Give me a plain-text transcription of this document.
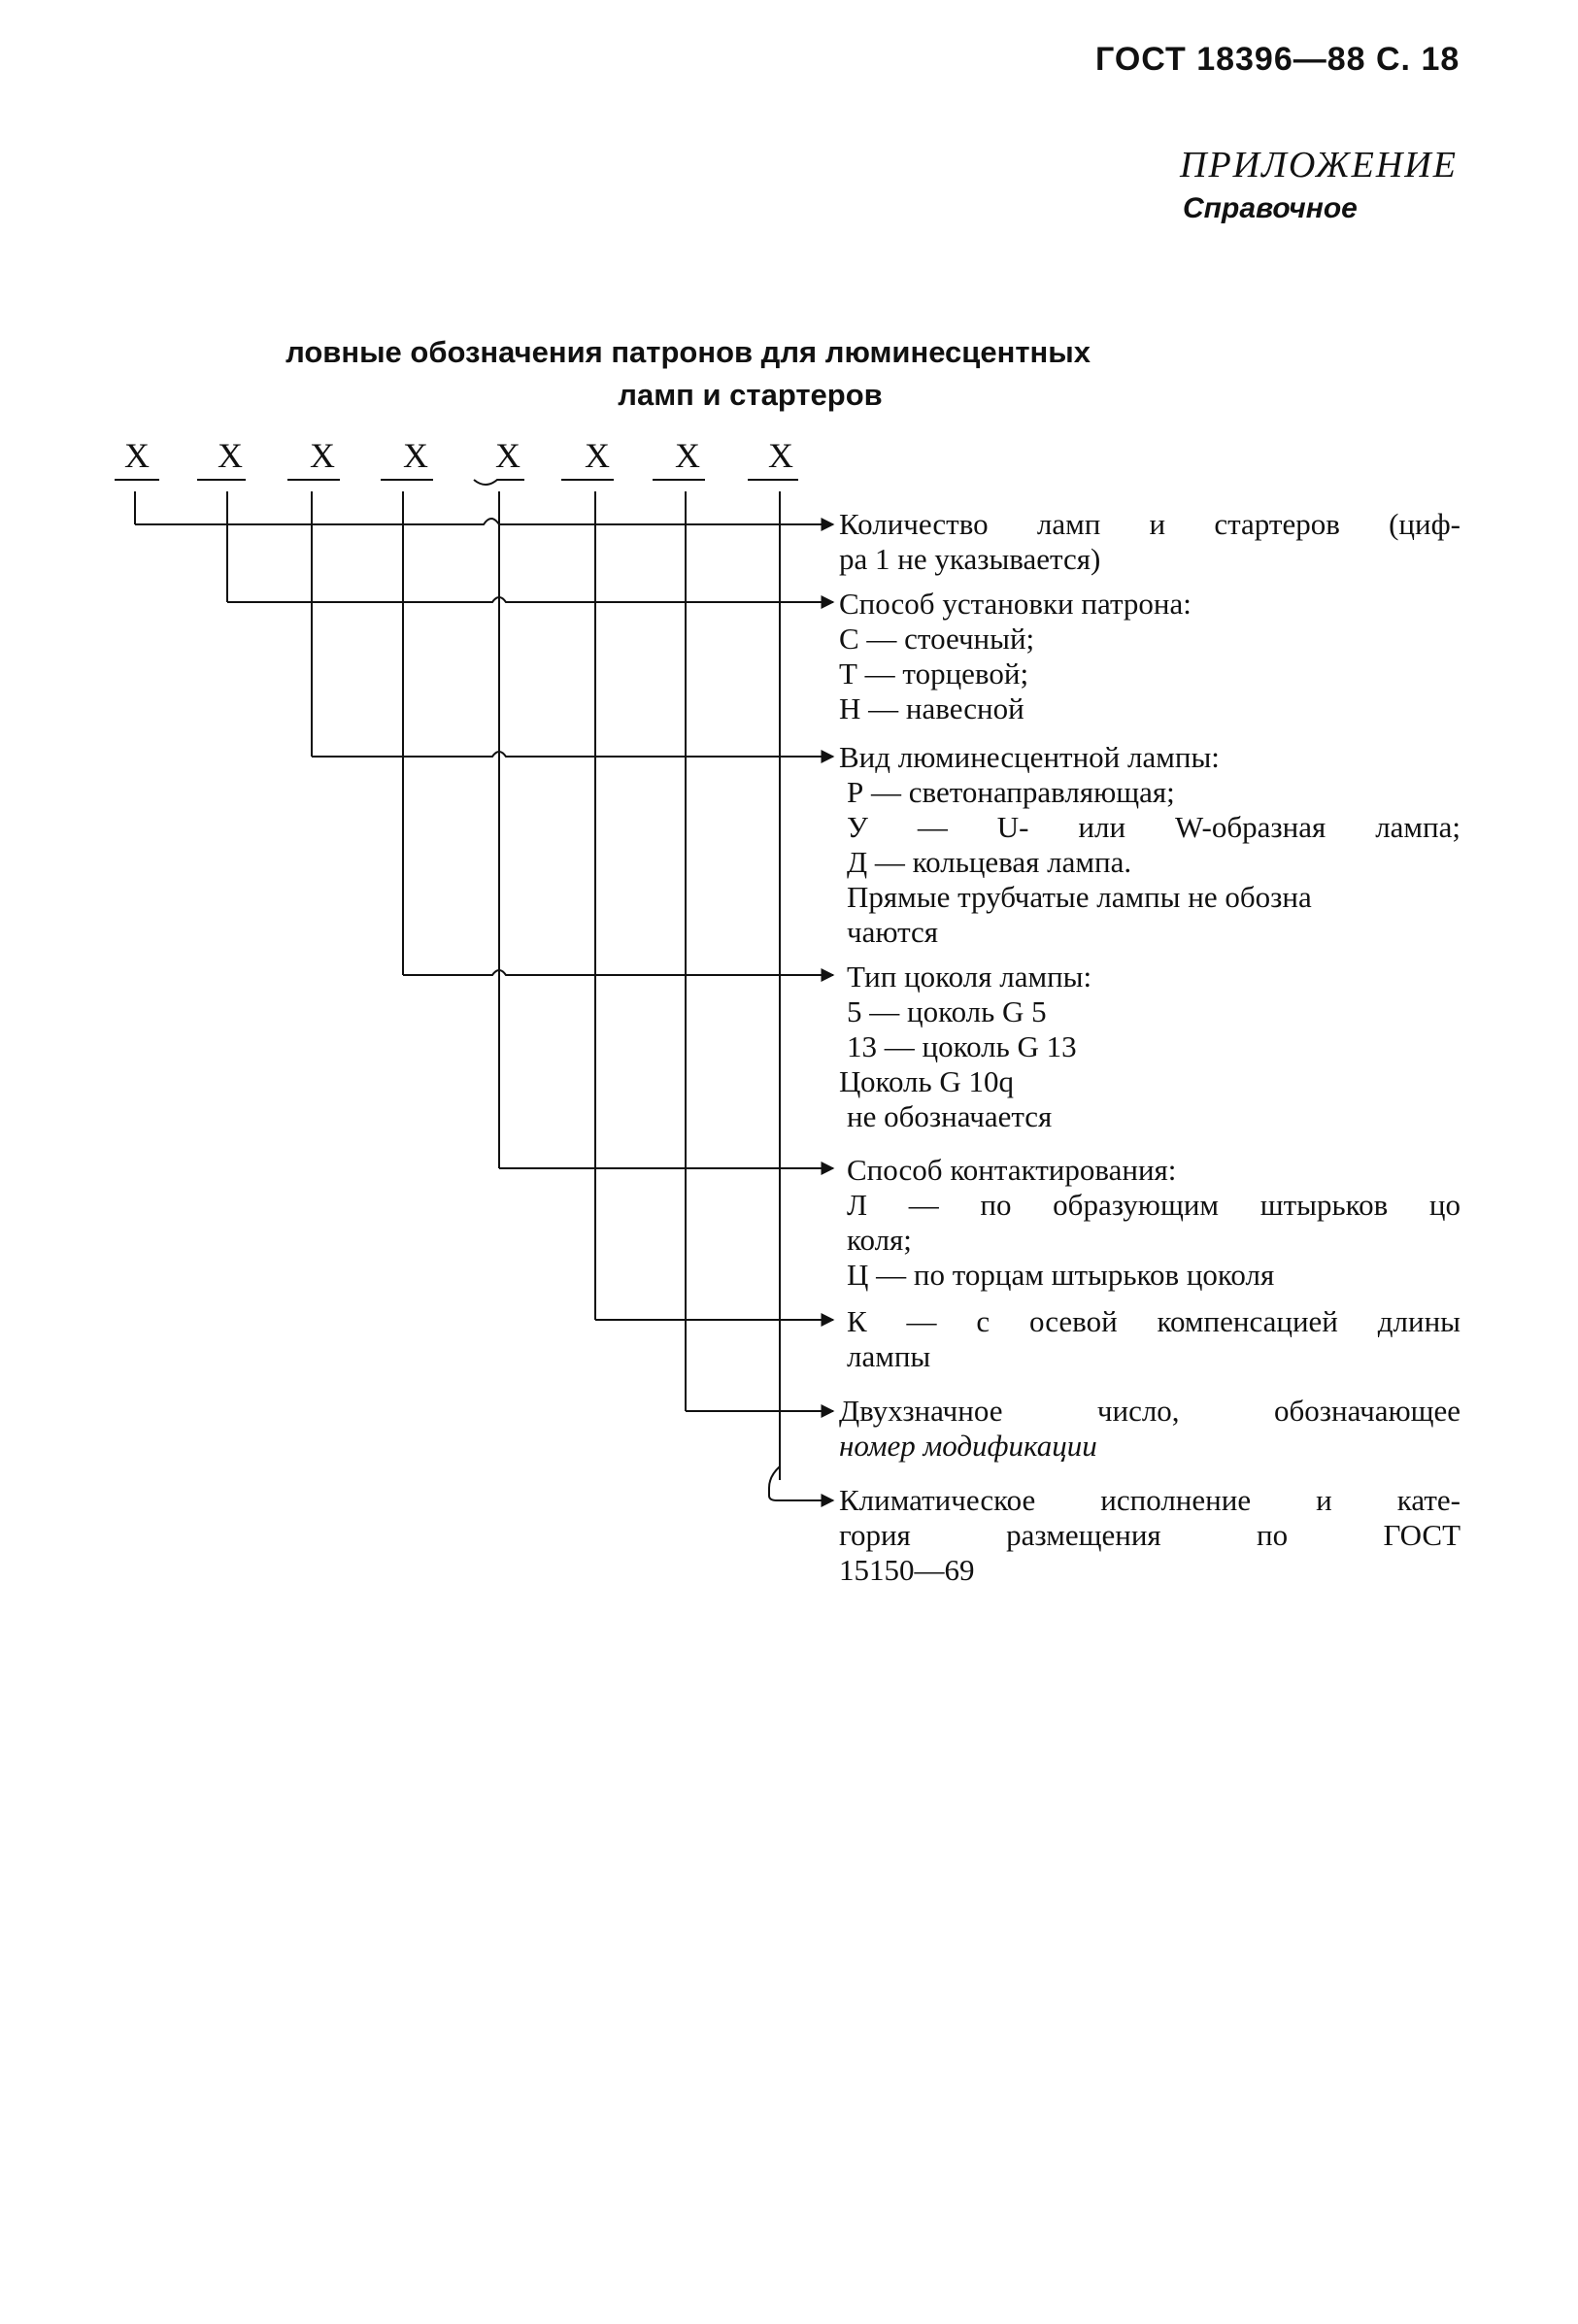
ГОСТ 18396—88 С. 18
ПРИЛОЖЕНИЕ
Справочное
ловные обозначения патронов для люминесцентных
ламп и стартеров
X X X X X X X X
Количество ламп и стартеров (циф-
ра 1 не указывается)
Способ установки патрона:
С — стоечный;
Т — торцевой;
Н — навесной
Вид люминесцентной лампы:
Р — светонаправляющая;
У — U- или W-образная лампа;
Д — кольцевая лампа.
Прямые трубчатые лампы не обозна
чаются
Тип цоколя лампы:
5 — цоколь G 5
13 — цоколь G 13
Цоколь G 10q
не обозначается
Способ контактирования:
Л — по образующим штырьков цо
коля;
Ц — по торцам штырьков цоколя
К — с осевой компенсацией длины
лампы
Двухзначное число, обозначающее
номер модификации
Климатическое исполнение и кате-
гория размещения по ГОСТ
15150—69
